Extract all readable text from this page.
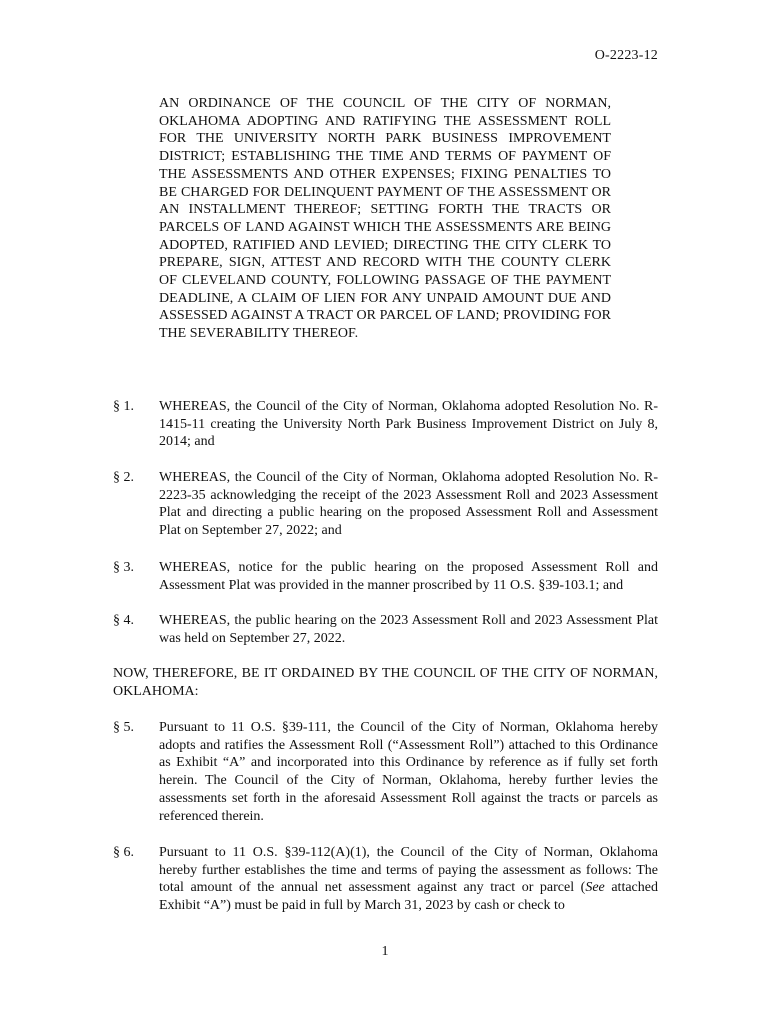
O-2223-12
AN ORDINANCE OF THE COUNCIL OF THE CITY OF NORMAN, OKLAHOMA ADOPTING AND RATIFYING THE ASSESSMENT ROLL FOR THE UNIVERSITY NORTH PARK BUSINESS IMPROVEMENT DISTRICT; ESTABLISHING THE TIME AND TERMS OF PAYMENT OF THE ASSESSMENTS AND OTHER EXPENSES; FIXING PENALTIES TO BE CHARGED FOR DELINQUENT PAYMENT OF THE ASSESSMENT OR AN INSTALLMENT THEREOF; SETTING FORTH THE TRACTS OR PARCELS OF LAND AGAINST WHICH THE ASSESSMENTS ARE BEING ADOPTED, RATIFIED AND LEVIED; DIRECTING THE CITY CLERK TO PREPARE, SIGN, ATTEST AND RECORD WITH THE COUNTY CLERK OF CLEVELAND COUNTY, FOLLOWING PASSAGE OF THE PAYMENT DEADLINE, A CLAIM OF LIEN FOR ANY UNPAID AMOUNT DUE AND ASSESSED AGAINST A TRACT OR PARCEL OF LAND; PROVIDING FOR THE SEVERABILITY THEREOF.
§ 1. WHEREAS, the Council of the City of Norman, Oklahoma adopted Resolution No. R-1415-11 creating the University North Park Business Improvement District on July 8, 2014; and
§ 2. WHEREAS, the Council of the City of Norman, Oklahoma adopted Resolution No. R-2223-35 acknowledging the receipt of the 2023 Assessment Roll and 2023 Assessment Plat and directing a public hearing on the proposed Assessment Roll and Assessment Plat on September 27, 2022; and
§ 3. WHEREAS, notice for the public hearing on the proposed Assessment Roll and Assessment Plat was provided in the manner proscribed by 11 O.S. §39-103.1; and
§ 4. WHEREAS, the public hearing on the 2023 Assessment Roll and 2023 Assessment Plat was held on September 27, 2022.
NOW, THEREFORE, BE IT ORDAINED BY THE COUNCIL OF THE CITY OF NORMAN, OKLAHOMA:
§ 5. Pursuant to 11 O.S. §39-111, the Council of the City of Norman, Oklahoma hereby adopts and ratifies the Assessment Roll (“Assessment Roll”) attached to this Ordinance as Exhibit “A” and incorporated into this Ordinance by reference as if fully set forth herein. The Council of the City of Norman, Oklahoma, hereby further levies the assessments set forth in the aforesaid Assessment Roll against the tracts or parcels as referenced therein.
§ 6. Pursuant to 11 O.S. §39-112(A)(1), the Council of the City of Norman, Oklahoma hereby further establishes the time and terms of paying the assessment as follows: The total amount of the annual net assessment against any tract or parcel (See attached Exhibit “A”) must be paid in full by March 31, 2023 by cash or check to
1
